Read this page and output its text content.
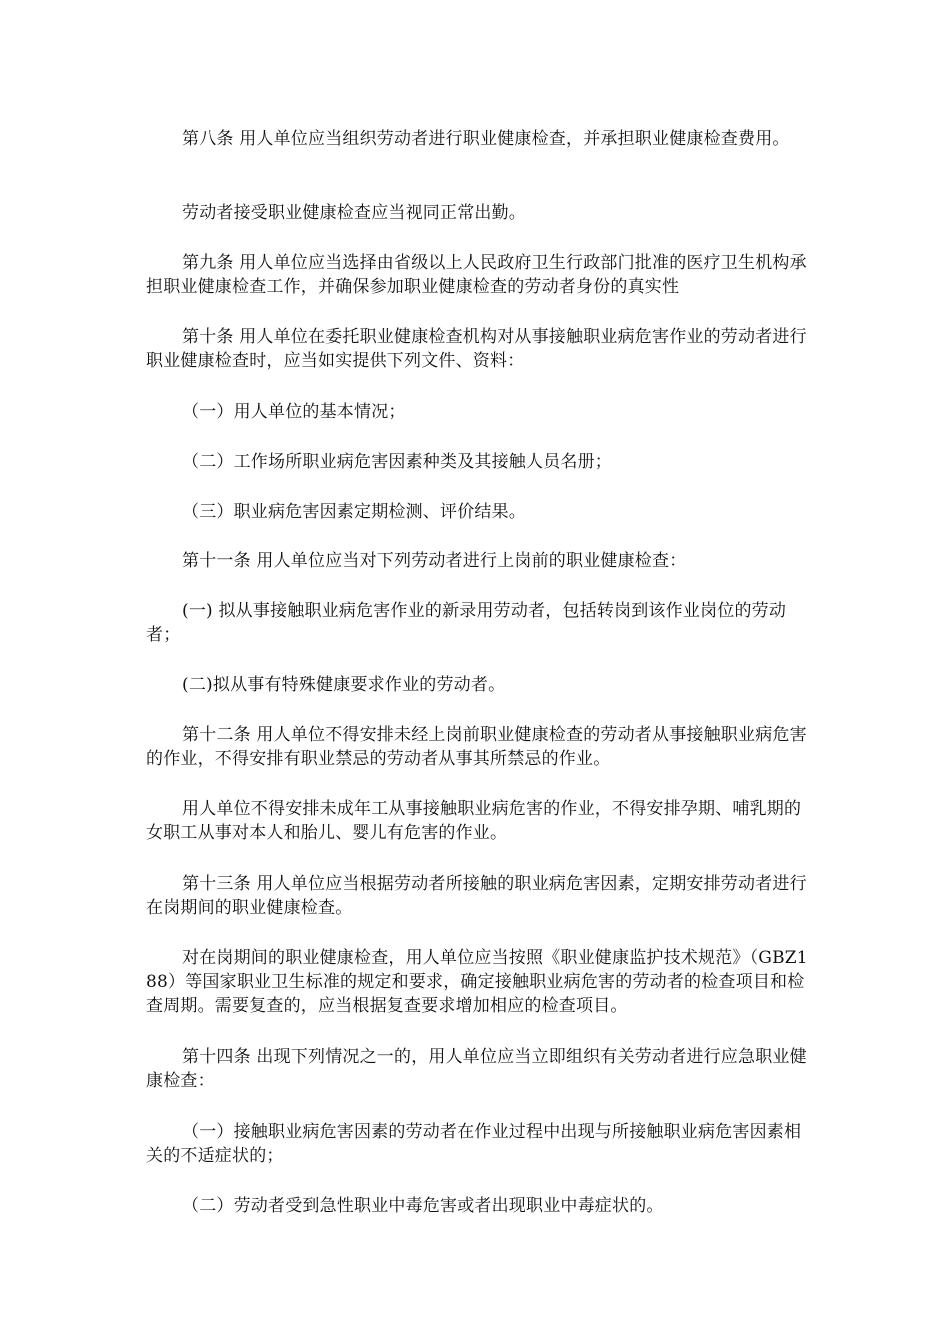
第八条 用人单位应当组织劳动者进行职业健康检查，并承担职业健康检查费用。

劳动者接受职业健康检查应当视同正常出勤。

第九条 用人单位应当选择由省级以上人民政府卫生行政部门批准的医疗卫生机构承担职业健康检查工作，并确保参加职业健康检查的劳动者身份的真实性

第十条 用人单位在委托职业健康检查机构对从事接触职业病危害作业的劳动者进行职业健康检查时，应当如实提供下列文件、资料：

（一）用人单位的基本情况；

（二）工作场所职业病危害因素种类及其接触人员名册；

（三）职业病危害因素定期检测、评价结果。

第十一条 用人单位应当对下列劳动者进行上岗前的职业健康检查：

(一) 拟从事接触职业病危害作业的新录用劳动者，包括转岗到该作业岗位的劳动者；

(二)拟从事有特殊健康要求作业的劳动者。

第十二条 用人单位不得安排未经上岗前职业健康检查的劳动者从事接触职业病危害的作业，不得安排有职业禁忌的劳动者从事其所禁忌的作业。

用人单位不得安排未成年工从事接触职业病危害的作业，不得安排孕期、哺乳期的女职工从事对本人和胎儿、婴儿有危害的作业。

第十三条 用人单位应当根据劳动者所接触的职业病危害因素，定期安排劳动者进行在岗期间的职业健康检查。

对在岗期间的职业健康检查，用人单位应当按照《职业健康监护技术规范》（GBZ188）等国家职业卫生标准的规定和要求，确定接触职业病危害的劳动者的检查项目和检查周期。需要复查的，应当根据复查要求增加相应的检查项目。

第十四条 出现下列情况之一的，用人单位应当立即组织有关劳动者进行应急职业健康检查：

（一）接触职业病危害因素的劳动者在作业过程中出现与所接触职业病危害因素相关的不适症状的；

（二）劳动者受到急性职业中毒危害或者出现职业中毒症状的。
